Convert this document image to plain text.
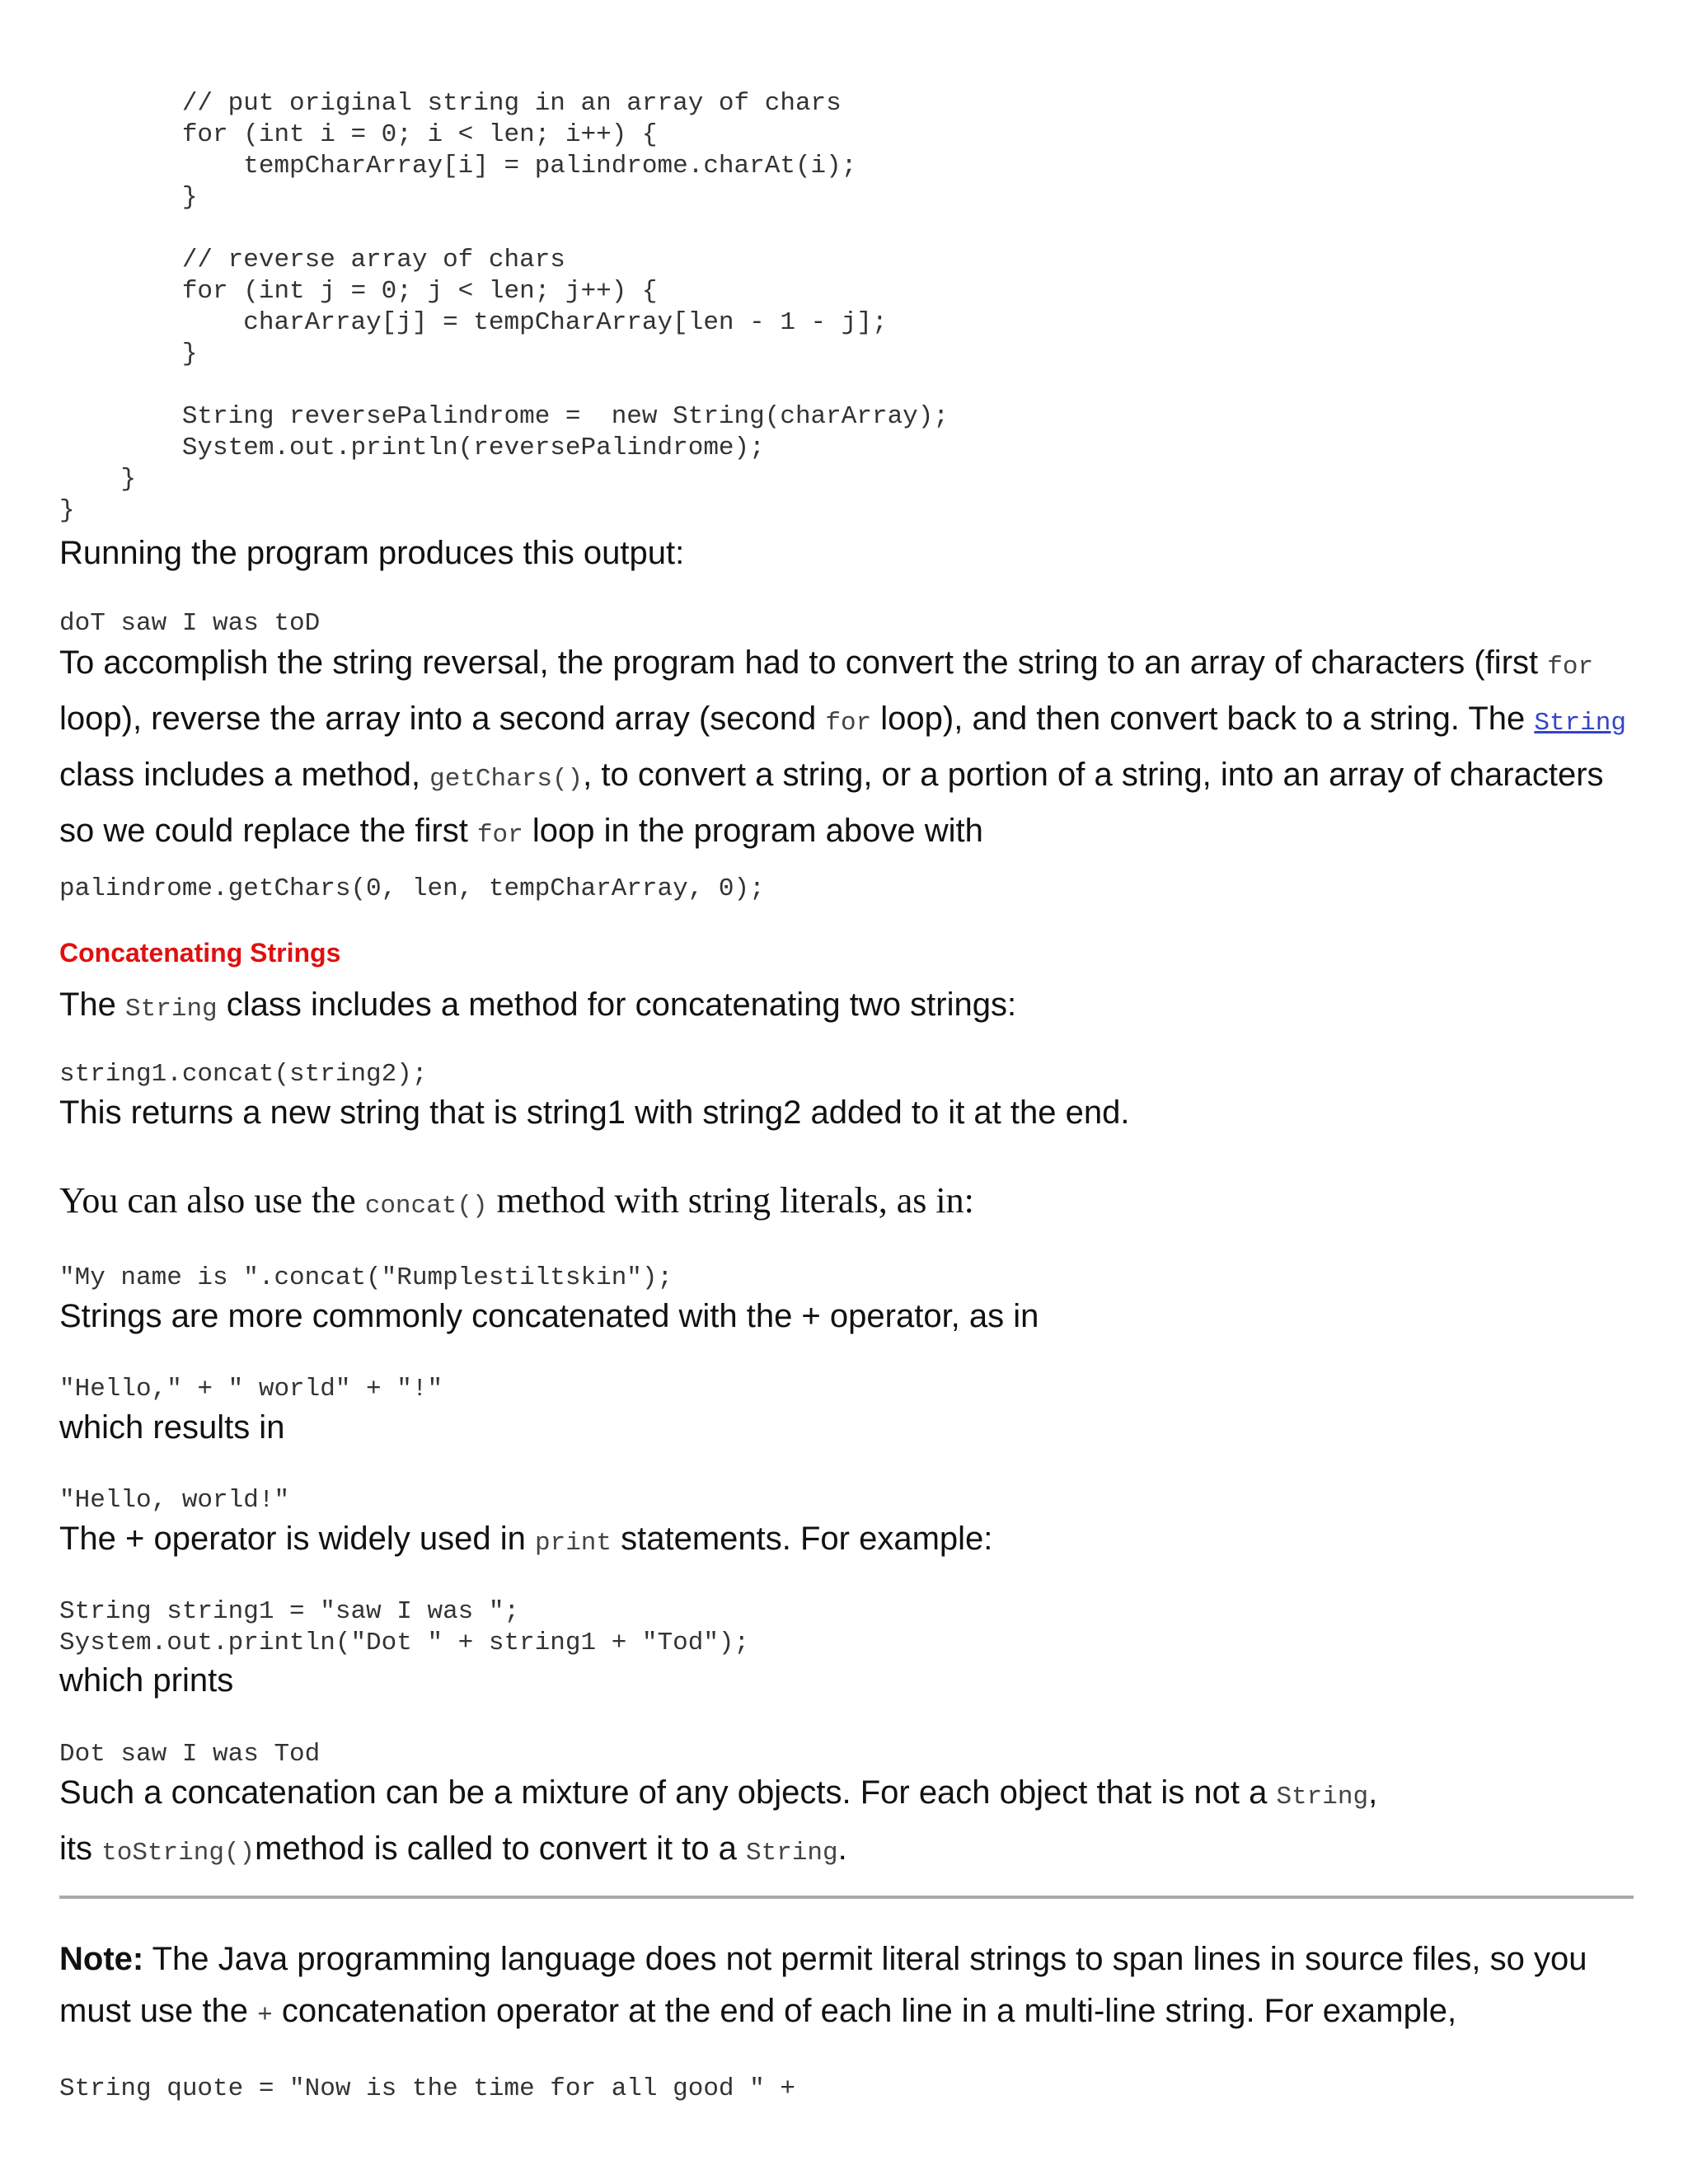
// put original string in an array of chars
for (int i = 0; i < len; i++) {
tempCharArray[i] = palindrome.charAt(i);
}

// reverse array of chars
for (int j = 0; j < len; j++) {
charArray[j] = tempCharArray[len - 1 - j];
}

String reversePalindrome =  new String(charArray);
System.out.println(reversePalindrome);
}
}

Running the program produces this output:

doT saw I was toD

To accomplish the string reversal, the program had to convert the string to an array of characters (first for loop), reverse the array into a second array (second for loop), and then convert back to a string. The String class includes a method, getChars(), to convert a string, or a portion of a string, into an array of characters so we could replace the first for loop in the program above with

palindrome.getChars(0, len, tempCharArray, 0);
Concatenating Strings

The String class includes a method for concatenating two strings:

string1.concat(string2);

This returns a new string that is string1 with string2 added to it at the end.

You can also use the concat() method with string literals, as in:

"My name is ".concat("Rumplestiltskin");

Strings are more commonly concatenated with the + operator, as in

"Hello," + " world" + "!"

which results in

"Hello, world!"

The + operator is widely used in print statements. For example:

String string1 = "saw I was ";
System.out.println("Dot " + string1 + "Tod");

which prints

Dot saw I was Tod

Such a concatenation can be a mixture of any objects. For each object that is not a String,
its toString()method is called to convert it to a String.

Note: The Java programming language does not permit literal strings to span lines in source files, so you must use the + concatenation operator at the end of each line in a multi-line string. For example,

String quote = "Now is the time for all good " +
